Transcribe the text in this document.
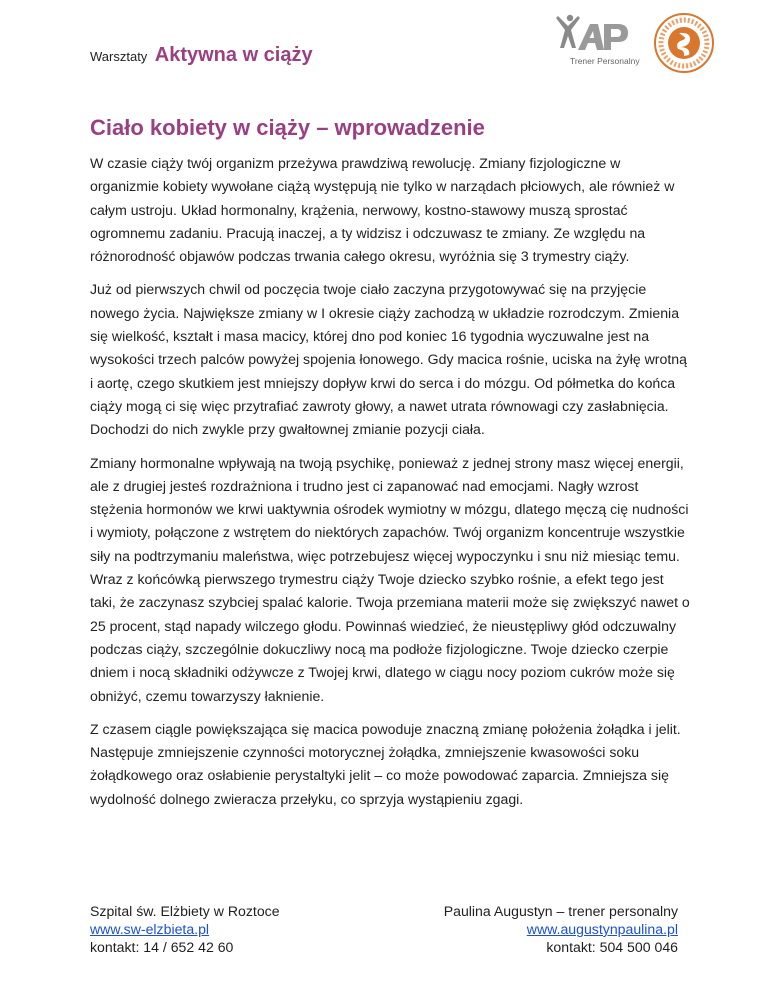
Warsztaty Aktywna w ciąży	Trener Personalny
Ciało kobiety w ciąży – wprowadzenie

W czasie ciąży twój organizm przeżywa prawdziwą rewolucję. Zmiany fizjologiczne w organizmie kobiety wywołane ciążą występują nie tylko w narządach płciowych, ale również w całym ustroju. Układ hormonalny, krążenia, nerwowy, kostno-stawowy muszą sprostać ogromnemu zadaniu. Pracują inaczej, a ty widzisz i odczuwasz te zmiany. Ze względu na różnorodność objawów podczas trwania całego okresu, wyróżnia się 3 trymestry ciąży.

Już od pierwszych chwil od poczęcia twoje ciało zaczyna przygotowywać się na przyjęcie nowego życia. Największe zmiany w I okresie ciąży zachodzą w układzie rozrodczym. Zmienia się wielkość, kształt i masa macicy, której dno pod koniec 16 tygodnia wyczuwalne jest na wysokości trzech palców powyżej spojenia łonowego. Gdy macica rośnie, uciska na żyłę wrotną i aortę, czego skutkiem jest mniejszy dopływ krwi do serca i do mózgu. Od półmetka do końca ciąży mogą ci się więc przytrafiać zawroty głowy, a nawet utrata równowagi czy zasłabnięcia. Dochodzi do nich zwykle przy gwałtownej zmianie pozycji ciała.

Zmiany hormonalne wpływają na twoją psychikę, ponieważ z jednej strony masz więcej energii, ale z drugiej jesteś rozdrażniona i trudno jest ci zapanować nad emocjami. Nagły wzrost stężenia hormonów we krwi uaktywnia ośrodek wymiotny w mózgu, dlatego męczą cię nudności i wymioty, połączone z wstrętem do niektórych zapachów. Twój organizm koncentruje wszystkie siły na podtrzymaniu maleństwa, więc potrzebujesz więcej wypoczynku i snu niż miesiąc temu.

Wraz z końcówką pierwszego trymestru ciąży Twoje dziecko szybko rośnie, a efekt tego jest taki, że zaczynasz szybciej spalać kalorie. Twoja przemiana materii może się zwiększyć nawet o 25 procent, stąd napady wilczego głodu. Powinnaś wiedzieć, że nieustępliwy głód odczuwalny podczas ciąży, szczególnie dokuczliwy nocą ma podłoże fizjologiczne. Twoje dziecko czerpie dniem i nocą składniki odżywcze z Twojej krwi, dlatego w ciągu nocy poziom cukrów może się obniżyć, czemu towarzyszy łaknienie.

Z czasem ciągle powiększająca się macica powoduje znaczną zmianę położenia żołądka i jelit. Następuje zmniejszenie czynności motorycznej żołądka, zmniejszenie kwasowości soku żołądkowego oraz osłabienie perystaltyki jelit – co może powodować zaparcia. Zmniejsza się wydolność dolnego zwieracza przełyku, co sprzyja wystąpieniu zgagi.

Szpital św. Elżbiety w Roztoce
www.sw-elzbieta.pl
kontakt: 14 / 652 42 60
Paulina Augustyn – trener personalny
www.augustynpaulina.pl
kontakt: 504 500 046
